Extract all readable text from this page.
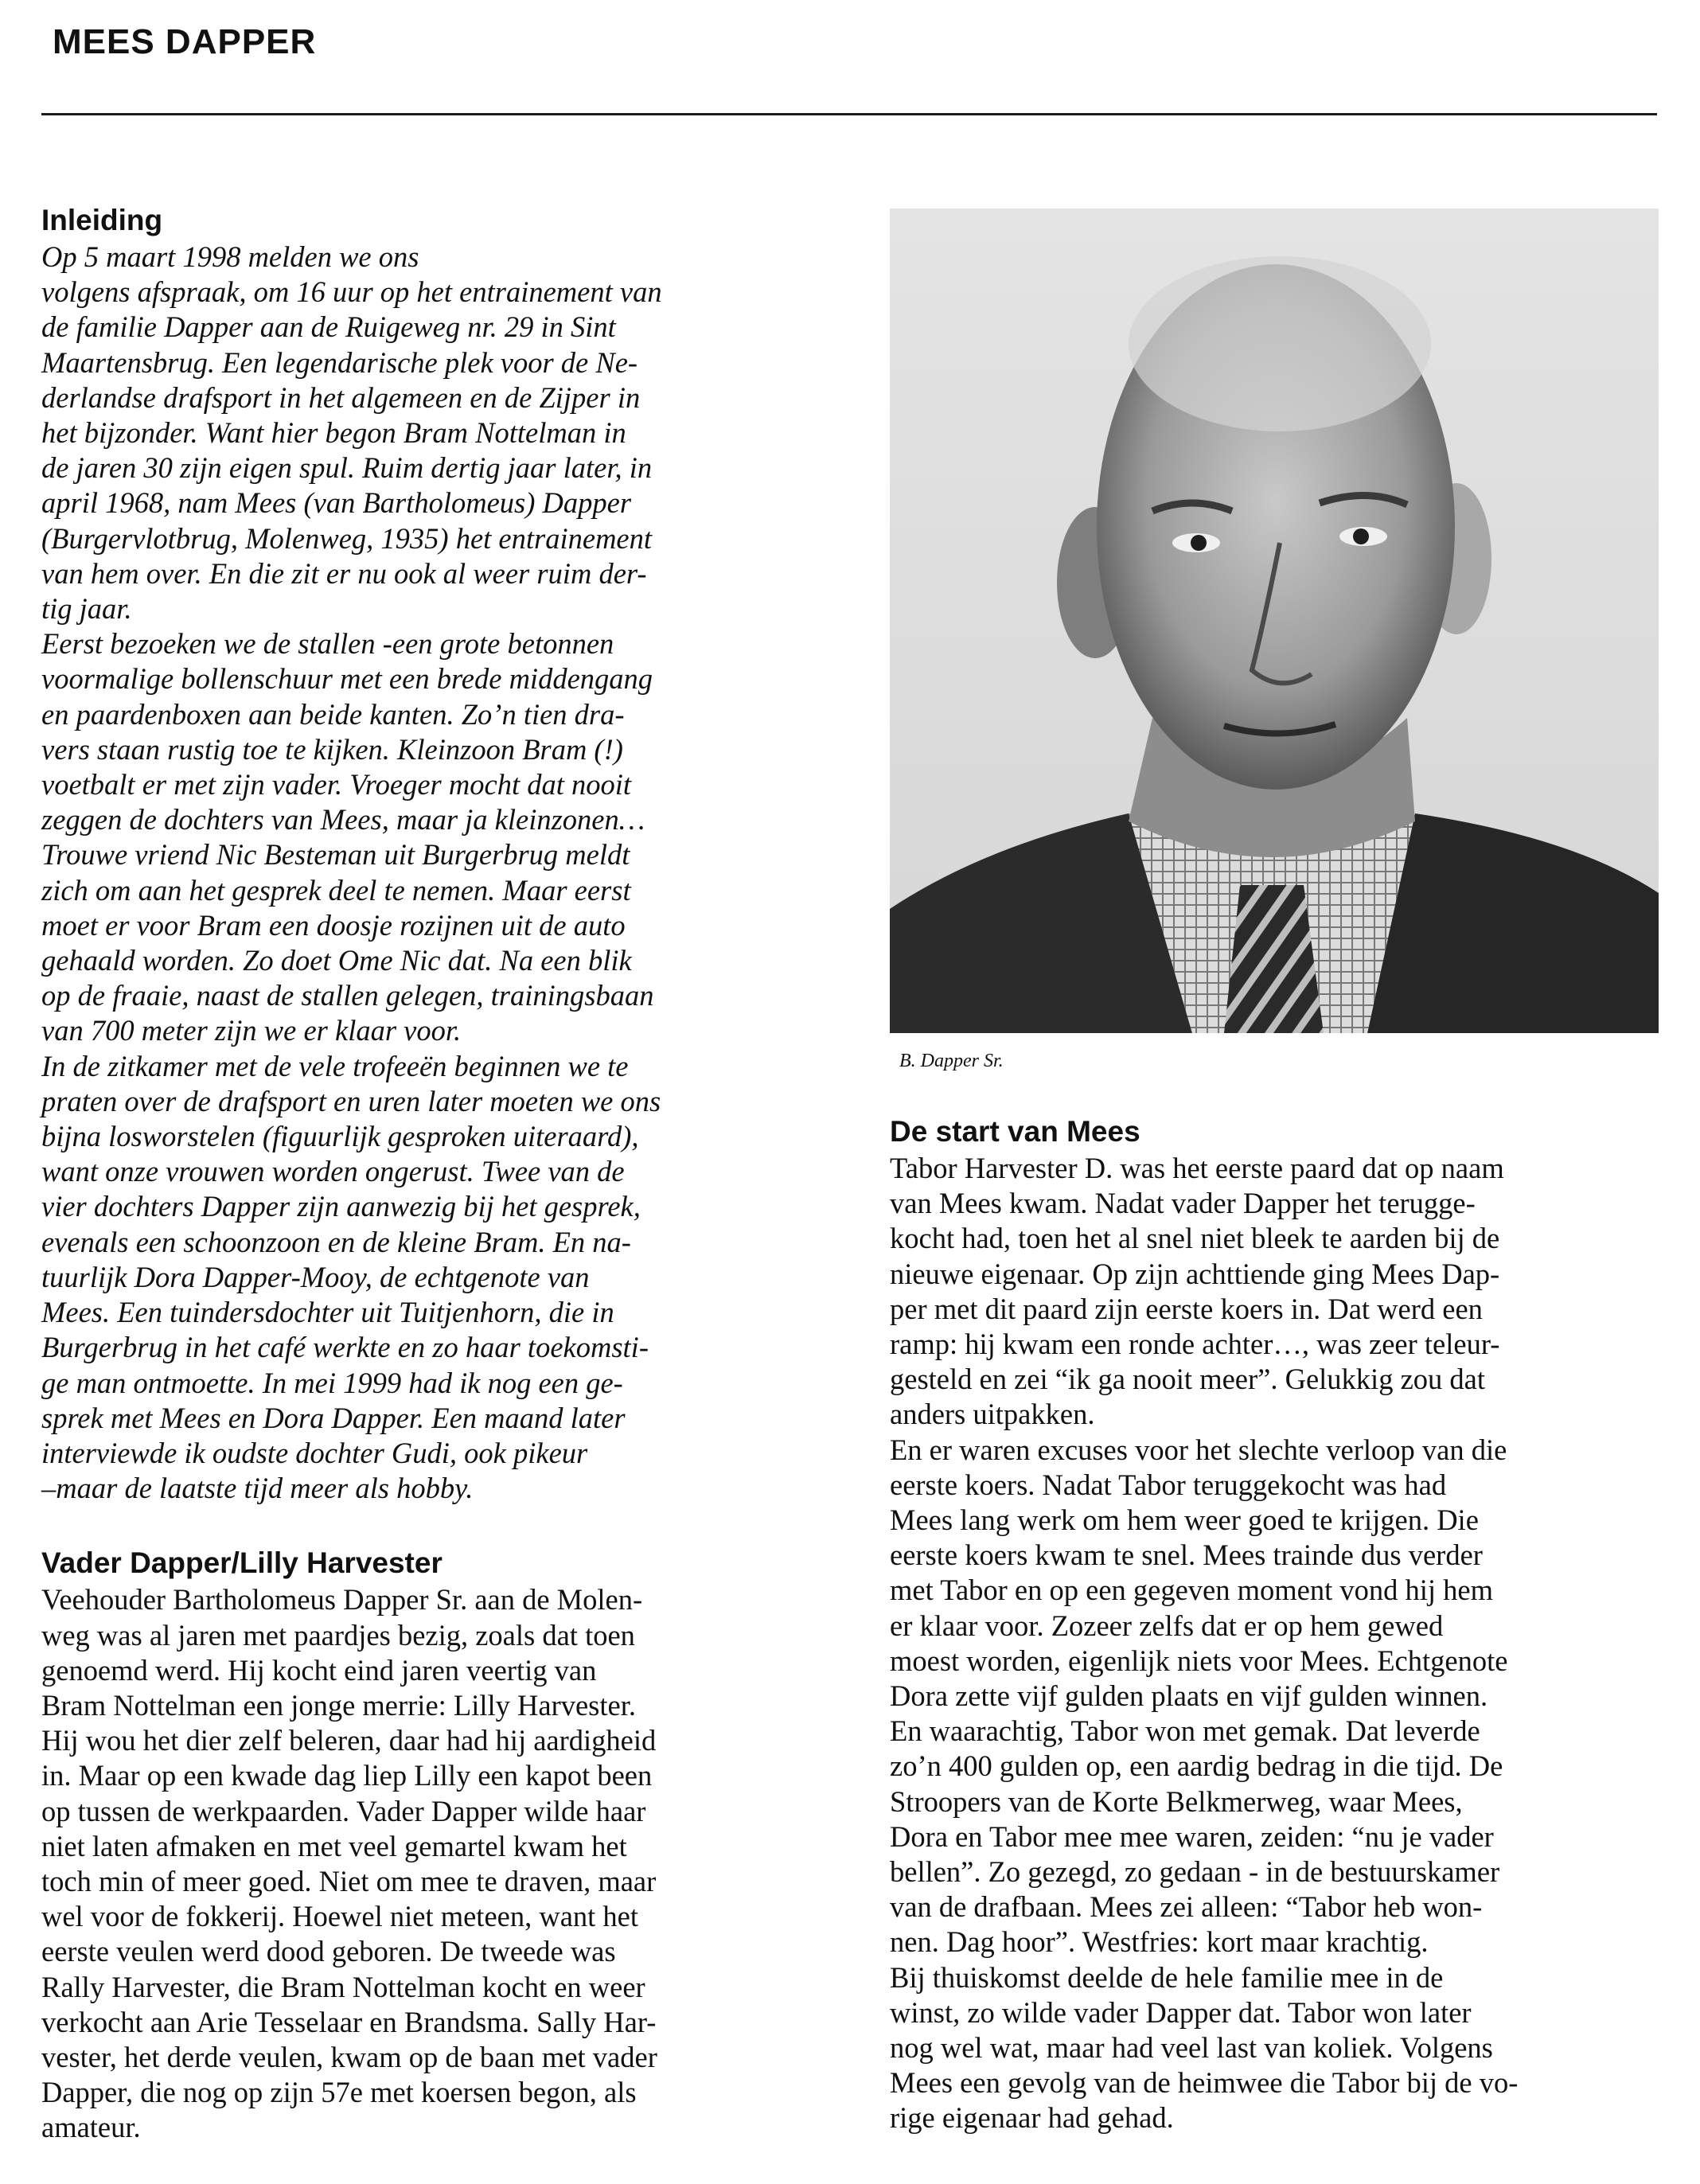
MEES DAPPER
Inleiding

Op 5 maart 1998 melden we ons
volgens afspraak, om 16 uur op het entrainement van
de familie Dapper aan de Ruigeweg nr. 29 in Sint
Maartensbrug. Een legendarische plek voor de Ne-
derlandse drafsport in het algemeen en de Zijper in
het bijzonder. Want hier begon Bram Nottelman in
de jaren 30 zijn eigen spul. Ruim dertig jaar later, in
april 1968, nam Mees (van Bartholomeus) Dapper
(Burgervlotbrug, Molenweg, 1935) het entrainement
van hem over. En die zit er nu ook al weer ruim der-
tig jaar.
Eerst bezoeken we de stallen -een grote betonnen
voormalige bollenschuur met een brede middengang
en paardenboxen aan beide kanten. Zo’n tien dra-
vers staan rustig toe te kijken. Kleinzoon Bram (!)
voetbalt er met zijn vader. Vroeger mocht dat nooit
zeggen de dochters van Mees, maar ja kleinzonen…
Trouwe vriend Nic Besteman uit Burgerbrug meldt
zich om aan het gesprek deel te nemen. Maar eerst
moet er voor Bram een doosje rozijnen uit de auto
gehaald worden. Zo doet Ome Nic dat. Na een blik
op de fraaie, naast de stallen gelegen, trainingsbaan
van 700 meter zijn we er klaar voor.
In de zitkamer met de vele trofeeën beginnen we te
praten over de drafsport en uren later moeten we ons
bijna losworstelen (figuurlijk gesproken uiteraard),
want onze vrouwen worden ongerust. Twee van de
vier dochters Dapper zijn aanwezig bij het gesprek,
evenals een schoonzoon en de kleine Bram. En na-
tuurlijk Dora Dapper-Mooy, de echtgenote van
Mees. Een tuindersdochter uit Tuitjenhorn, die in
Burgerbrug in het café werkte en zo haar toekomsti-
ge man ontmoette. In mei 1999 had ik nog een ge-
sprek met Mees en Dora Dapper. Een maand later
interviewde ik oudste dochter Gudi, ook pikeur
–maar de laatste tijd meer als hobby.

Vader Dapper/Lilly Harvester

Veehouder Bartholomeus Dapper Sr. aan de Molen-
weg was al jaren met paardjes bezig, zoals dat toen
genoemd werd. Hij kocht eind jaren veertig van
Bram Nottelman een jonge merrie: Lilly Harvester.
Hij wou het dier zelf beleren, daar had hij aardigheid
in. Maar op een kwade dag liep Lilly een kapot been
op tussen de werkpaarden. Vader Dapper wilde haar
niet laten afmaken en met veel gemartel kwam het
toch min of meer goed. Niet om mee te draven, maar
wel voor de fokkerij. Hoewel niet meteen, want het
eerste veulen werd dood geboren. De tweede was
Rally Harvester, die Bram Nottelman kocht en weer
verkocht aan Arie Tesselaar en Brandsma. Sally Har-
vester, het derde veulen, kwam op de baan met vader
Dapper, die nog op zijn 57e met koersen begon, als
amateur.

B. Dapper Sr.
De start van Mees

Tabor Harvester D. was het eerste paard dat op naam
van Mees kwam. Nadat vader Dapper het terugge-
kocht had, toen het al snel niet bleek te aarden bij de
nieuwe eigenaar. Op zijn achttiende ging Mees Dap-
per met dit paard zijn eerste koers in. Dat werd een
ramp: hij kwam een ronde achter…, was zeer teleur-
gesteld en zei “ik ga nooit meer”. Gelukkig zou dat
anders uitpakken.
En er waren excuses voor het slechte verloop van die
eerste koers. Nadat Tabor teruggekocht was had
Mees lang werk om hem weer goed te krijgen. Die
eerste koers kwam te snel. Mees trainde dus verder
met Tabor en op een gegeven moment vond hij hem
er klaar voor. Zozeer zelfs dat er op hem gewed
moest worden, eigenlijk niets voor Mees. Echtgenote
Dora zette vijf gulden plaats en vijf gulden winnen.
En waarachtig, Tabor won met gemak. Dat leverde
zo’n 400 gulden op, een aardig bedrag in die tijd. De
Stroopers van de Korte Belkmerweg, waar Mees,
Dora en Tabor mee mee waren, zeiden: “nu je vader
bellen”. Zo gezegd, zo gedaan - in de bestuurskamer
van de drafbaan. Mees zei alleen: “Tabor heb won-
nen. Dag hoor”. Westfries: kort maar krachtig.
Bij thuiskomst deelde de hele familie mee in de
winst, zo wilde vader Dapper dat. Tabor won later
nog wel wat, maar had veel last van koliek. Volgens
Mees een gevolg van de heimwee die Tabor bij de vo-
rige eigenaar had gehad.
